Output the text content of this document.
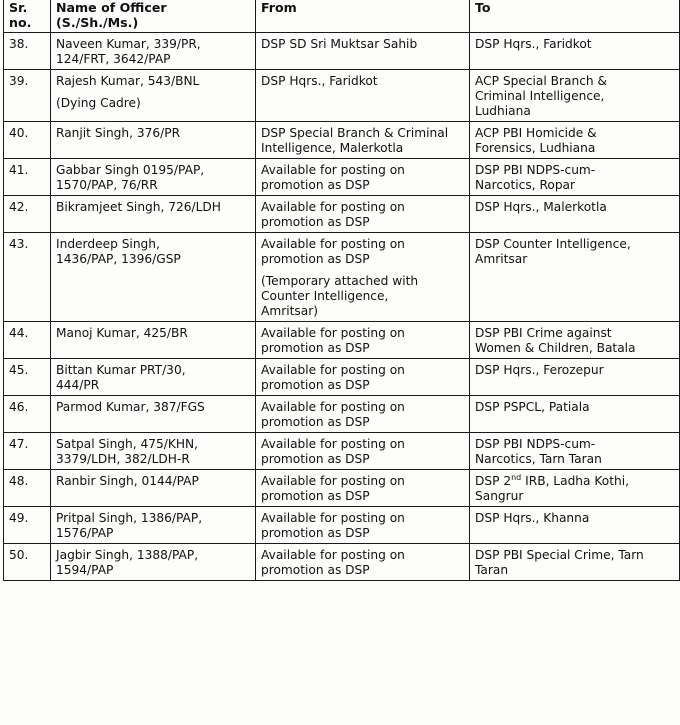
Sr.
no.	Name of Officer
(S./Sh./Ms.)	From	To

38.	Naveen Kumar, 339/PR,
124/FRT, 3642/PAP	DSP SD Sri Muktsar Sahib	DSP Hqrs., Faridkot

39.	Rajesh Kumar, 543/BNL
(Dying Cadre)	DSP Hqrs., Faridkot	ACP Special Branch &
Criminal Intelligence,
Ludhiana

40.	Ranjit Singh, 376/PR	DSP Special Branch & Criminal
Intelligence, Malerkotla	ACP PBI Homicide &
Forensics, Ludhiana

41.	Gabbar Singh 0195/PAP,
1570/PAP, 76/RR	Available for posting on
promotion as DSP	DSP PBI NDPS-cum-
Narcotics, Ropar

42.	Bikramjeet Singh, 726/LDH	Available for posting on
promotion as DSP	DSP Hqrs., Malerkotla

43.	Inderdeep Singh,
1436/PAP, 1396/GSP	Available for posting on
promotion as DSP
(Temporary attached with
Counter Intelligence,
Amritsar)	DSP Counter Intelligence,
Amritsar

44.	Manoj Kumar, 425/BR	Available for posting on
promotion as DSP	DSP PBI Crime against
Women & Children, Batala

45.	Bittan Kumar PRT/30,
444/PR	Available for posting on
promotion as DSP	DSP Hqrs., Ferozepur

46.	Parmod Kumar, 387/FGS	Available for posting on
promotion as DSP	DSP PSPCL, Patiala

47.	Satpal Singh, 475/KHN,
3379/LDH, 382/LDH-R	Available for posting on
promotion as DSP	DSP PBI NDPS-cum-
Narcotics, Tarn Taran

48.	Ranbir Singh, 0144/PAP	Available for posting on
promotion as DSP	DSP 2nd IRB, Ladha Kothi,
Sangrur

49.	Pritpal Singh, 1386/PAP,
1576/PAP	Available for posting on
promotion as DSP	DSP Hqrs., Khanna

50.	Jagbir Singh, 1388/PAP,
1594/PAP	Available for posting on
promotion as DSP	DSP PBI Special Crime, Tarn
Taran
